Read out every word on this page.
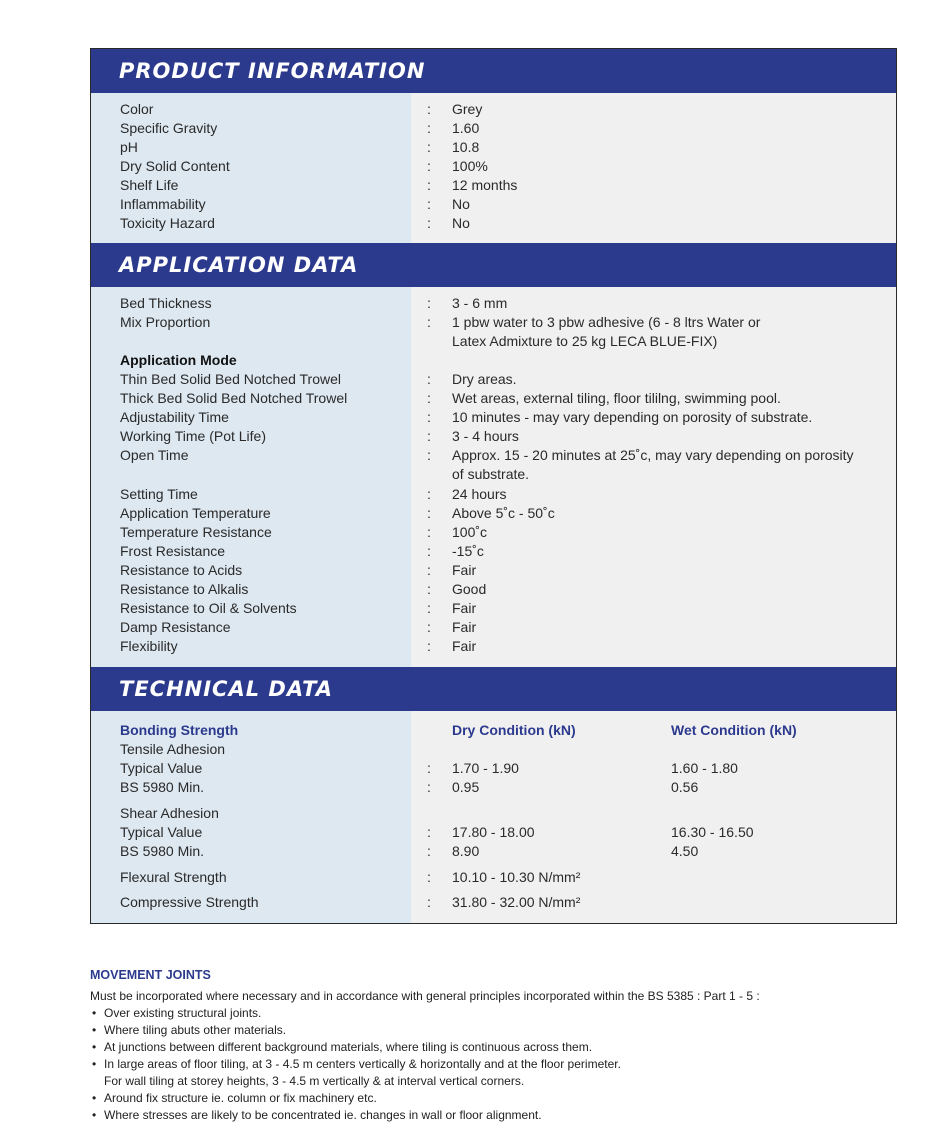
PRODUCT INFORMATION
Color	: Grey
Specific Gravity	: 1.60
pH	: 10.8
Dry Solid Content	: 100%
Shelf Life	: 12 months
Inflammability	: No
Toxicity Hazard	: No
APPLICATION DATA
Bed Thickness	: 3 - 6 mm
Mix Proportion	: 1 pbw water to 3 pbw adhesive (6 - 8 ltrs Water or
Latex Admixture to 25 kg LECA BLUE-FIX)
Application Mode
Thin Bed Solid Bed Notched Trowel	: Dry areas.
Thick Bed Solid Bed Notched Trowel	: Wet areas, external tiling, floor tililng, swimming pool.
Adjustability Time	: 10 minutes - may vary depending on porosity of substrate.
Working Time (Pot Life)	: 3 - 4 hours
Open Time	: Approx. 15 - 20 minutes at 25˚c, may vary depending on porosity
of substrate.
Setting Time	: 24 hours
Application Temperature	: Above 5˚c - 50˚c
Temperature Resistance	: 100˚c
Frost Resistance	: -15˚c
Resistance to Acids	: Fair
Resistance to Alkalis	: Good
Resistance to Oil & Solvents	: Fair
Damp Resistance	: Fair
Flexibility	: Fair
TECHNICAL DATA
Bonding Strength	Dry Condition (kN)	Wet Condition (kN)
Tensile Adhesion
Typical Value	: 1.70 - 1.90	1.60 - 1.80
BS 5980 Min.	: 0.95	0.56
Shear Adhesion
Typical Value	: 17.80 - 18.00	16.30 - 16.50
BS 5980 Min.	: 8.90	4.50
Flexural Strength	: 10.10 - 10.30 N/mm²
Compressive Strength	: 31.80 - 32.00 N/mm²
MOVEMENT JOINTS
Must be incorporated where necessary and in accordance with general principles incorporated within the BS 5385 : Part 1 - 5 :
• Over existing structural joints.
• Where tiling abuts other materials.
• At junctions between different background materials, where tiling is continuous across them.
• In large areas of floor tiling, at 3 - 4.5 m centers vertically & horizontally and at the floor perimeter.
For wall tiling at storey heights, 3 - 4.5 m vertically & at interval vertical corners.
• Around fix structure ie. column or fix machinery etc.
• Where stresses are likely to be concentrated ie. changes in wall or floor alignment.
